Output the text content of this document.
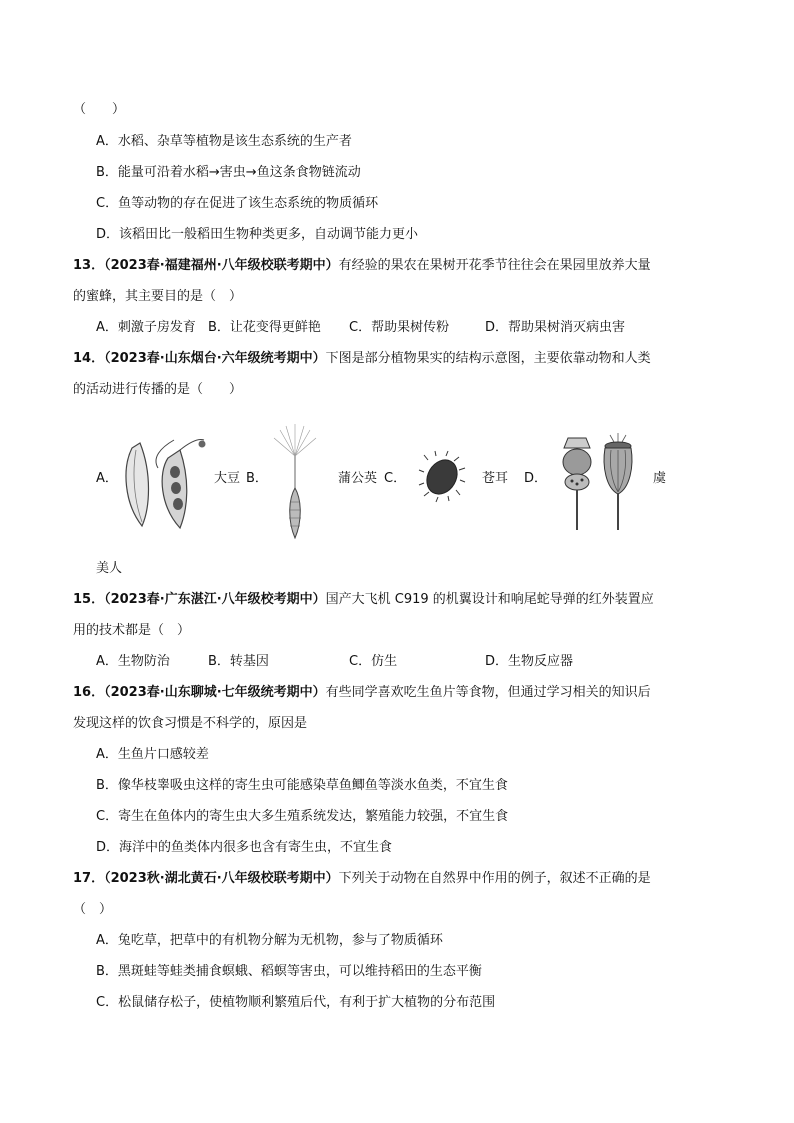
（　　）
A．水稻、杂草等植物是该生态系统的生产者
B．能量可沿着水稻→害虫→鱼这条食物链流动
C．鱼等动物的存在促进了该生态系统的物质循环
D．该稻田比一般稻田生物种类更多，自动调节能力更小
13．（2023春·福建福州·八年级校联考期中）有经验的果农在果树开花季节往往会在果园里放养大量
的蜜蜂，其主要目的是（　）
A．刺激子房发育 B．让花变得更鲜艳 C．帮助果树传粉	D．帮助果树消灭病虫害
14．（2023春·山东烟台·六年级统考期中）下图是部分植物果实的结构示意图，主要依靠动物和人类
的活动进行传播的是（　　）
A．	大豆 B．	蒲公英 C．	苍耳 D．	虞
美人
15．（2023春·广东湛江·八年级校考期中）国产大飞机 C919 的机翼设计和响尾蛇导弹的红外装置应
用的技术都是（　）
A．生物防治	B．转基因	C．仿生	D．生物反应器
16．（2023春·山东聊城·七年级统考期中）有些同学喜欢吃生鱼片等食物，但通过学习相关的知识后
发现这样的饮食习惯是不科学的，原因是
A．生鱼片口感较差
B．像华枝睾吸虫这样的寄生虫可能感染草鱼鲫鱼等淡水鱼类，不宜生食
C．寄生在鱼体内的寄生虫大多生殖系统发达，繁殖能力较强，不宜生食
D．海洋中的鱼类体内很多也含有寄生虫，不宜生食
17．（2023秋·湖北黄石·八年级校联考期中）下列关于动物在自然界中作用的例子，叙述不正确的是
（　）
A．兔吃草，把草中的有机物分解为无机物，参与了物质循环
B．黑斑蛙等蛙类捕食螟蛾、稻螟等害虫，可以维持稻田的生态平衡
C．松鼠储存松子，使植物顺利繁殖后代，有利于扩大植物的分布范围
